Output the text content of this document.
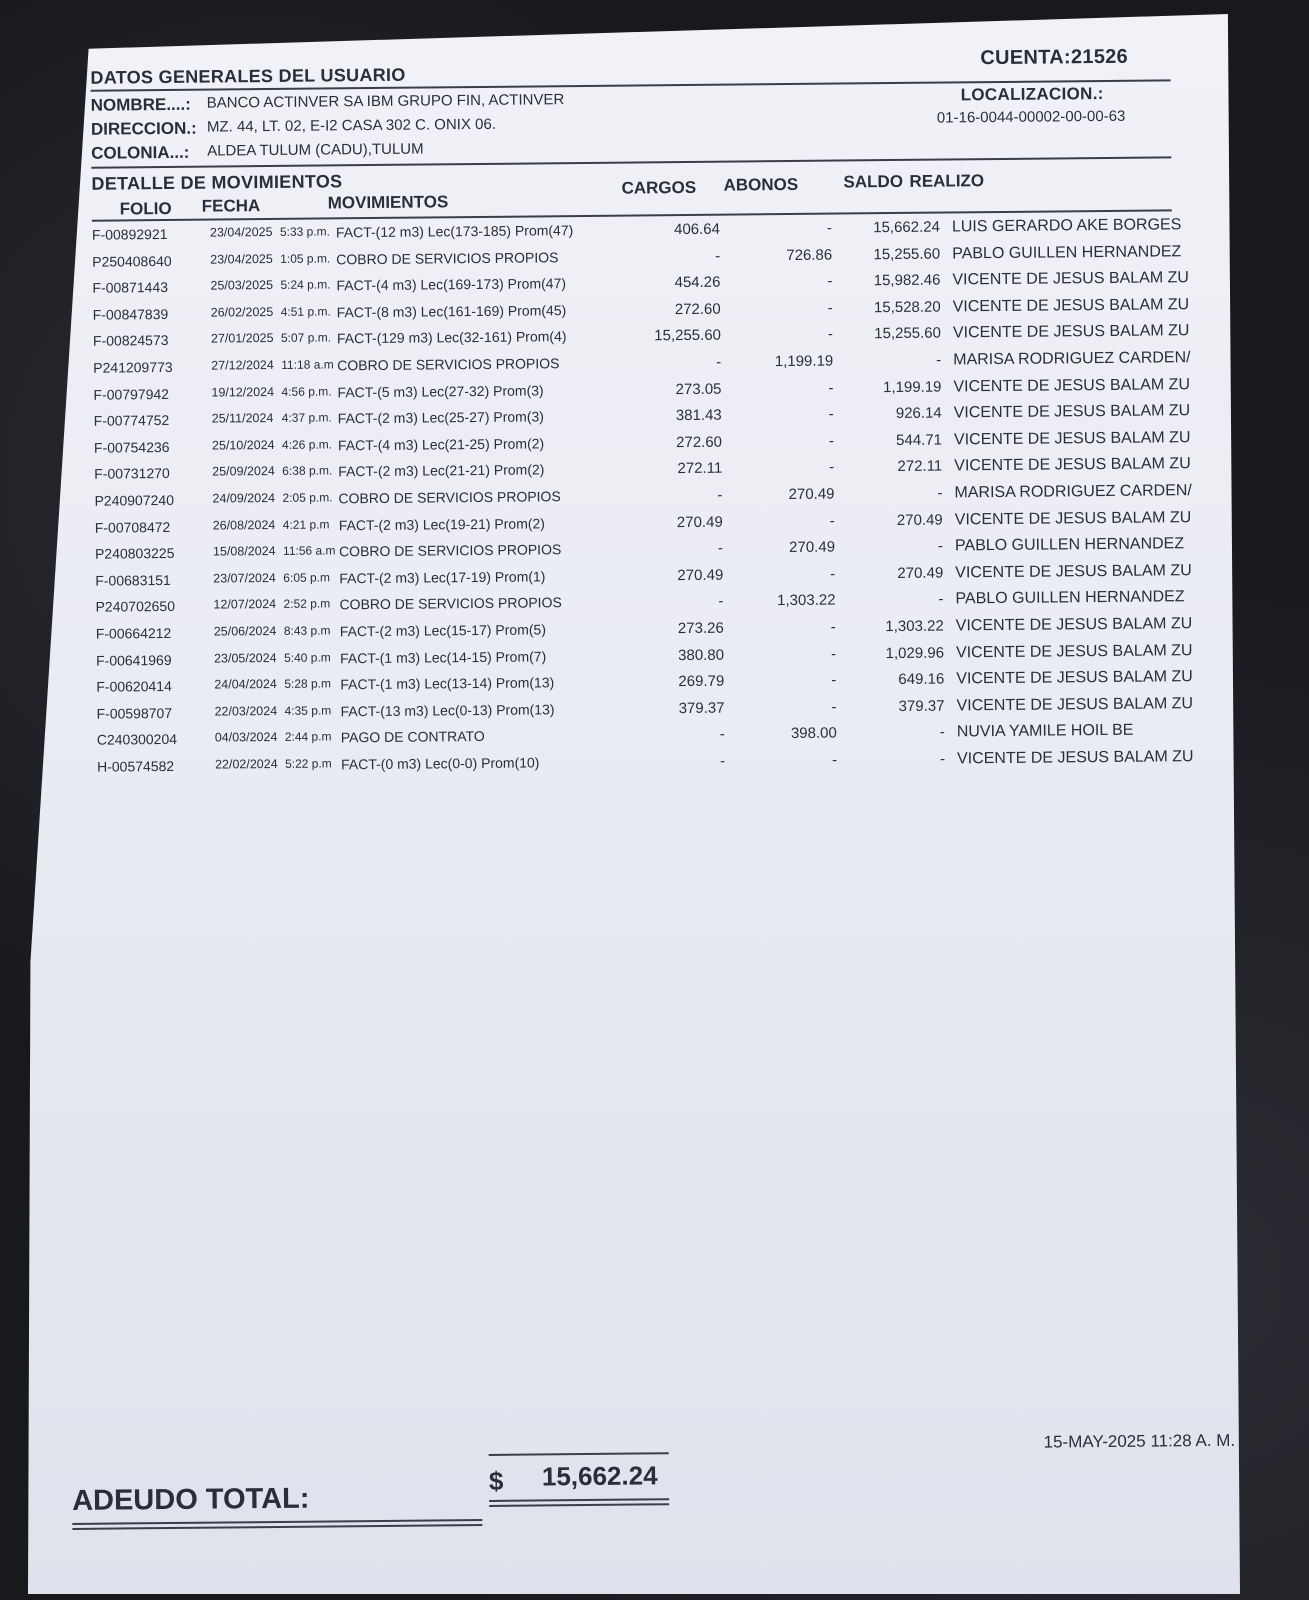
DATOS GENERALES DEL USUARIO
CUENTA:21526
NOMBRE....: BANCO ACTINVER SA IBM GRUPO FIN, ACTINVER
DIRECCION.: MZ. 44, LT. 02, E-I2 CASA 302 C. ONIX 06.
COLONIA...: ALDEA TULUM (CADU),TULUM
LOCALIZACION.:
01-16-0044-00002-00-00-63
DETALLE DE MOVIMIENTOS
FOLIO FECHA	MOVIMIENTOS
CARGOS ABONOS	SALDO REALIZO
F-00892921	23/04/2025 5:33 p.m. FACT-(12 m3) Lec(173-185) Prom(47)	406.64	-	15,662.24 LUIS GERARDO AKE BORGES
P250408640	23/04/2025 1:05 p.m. COBRO DE SERVICIOS PROPIOS	-	726.86	15,255.60 PABLO GUILLEN HERNANDEZ
F-00871443	25/03/2025 5:24 p.m. FACT-(4 m3) Lec(169-173) Prom(47)	454.26	-	15,982.46 VICENTE DE JESUS BALAM ZU
F-00847839	26/02/2025 4:51 p.m. FACT-(8 m3) Lec(161-169) Prom(45)	272.60	-	15,528.20 VICENTE DE JESUS BALAM ZU
F-00824573	27/01/2025 5:07 p.m. FACT-(129 m3) Lec(32-161) Prom(4)	15,255.60	-	15,255.60 VICENTE DE JESUS BALAM ZU
P241209773	27/12/2024 11:18 a.m COBRO DE SERVICIOS PROPIOS	-	1,199.19	- MARISA RODRIGUEZ CARDEN/
F-00797942	19/12/2024 4:56 p.m. FACT-(5 m3) Lec(27-32) Prom(3)	273.05	-	1,199.19 VICENTE DE JESUS BALAM ZU
F-00774752	25/11/2024 4:37 p.m. FACT-(2 m3) Lec(25-27) Prom(3)	381.43	-	926.14 VICENTE DE JESUS BALAM ZU
F-00754236	25/10/2024 4:26 p.m. FACT-(4 m3) Lec(21-25) Prom(2)	272.60	-	544.71 VICENTE DE JESUS BALAM ZU
F-00731270	25/09/2024 6:38 p.m. FACT-(2 m3) Lec(21-21) Prom(2)	272.11	-	272.11 VICENTE DE JESUS BALAM ZU
P240907240	24/09/2024 2:05 p.m. COBRO DE SERVICIOS PROPIOS	-	270.49	- MARISA RODRIGUEZ CARDEN/
F-00708472	26/08/2024 4:21 p.m FACT-(2 m3) Lec(19-21) Prom(2)	270.49	-	270.49 VICENTE DE JESUS BALAM ZU
P240803225	15/08/2024 11:56 a.m COBRO DE SERVICIOS PROPIOS	-	270.49	- PABLO GUILLEN HERNANDEZ
F-00683151	23/07/2024 6:05 p.m FACT-(2 m3) Lec(17-19) Prom(1)	270.49	-	270.49 VICENTE DE JESUS BALAM ZU
P240702650	12/07/2024 2:52 p.m COBRO DE SERVICIOS PROPIOS	-	1,303.22	- PABLO GUILLEN HERNANDEZ
F-00664212	25/06/2024 8:43 p.m FACT-(2 m3) Lec(15-17) Prom(5)	273.26	-	1,303.22 VICENTE DE JESUS BALAM ZU
F-00641969	23/05/2024 5:40 p.m FACT-(1 m3) Lec(14-15) Prom(7)	380.80	-	1,029.96 VICENTE DE JESUS BALAM ZU
F-00620414	24/04/2024 5:28 p.m FACT-(1 m3) Lec(13-14) Prom(13)	269.79	-	649.16 VICENTE DE JESUS BALAM ZU
F-00598707	22/03/2024 4:35 p.m FACT-(13 m3) Lec(0-13) Prom(13)	379.37	-	379.37 VICENTE DE JESUS BALAM ZU
C240300204	04/03/2024 2:44 p.m PAGO DE CONTRATO	-	398.00	- NUVIA YAMILE HOIL BE
H-00574582	22/02/2024 5:22 p.m FACT-(0 m3) Lec(0-0) Prom(10)	-	-	- VICENTE DE JESUS BALAM ZU
15-MAY-2025 11:28 A. M.
ADEUDO TOTAL:
$ 15,662.24
